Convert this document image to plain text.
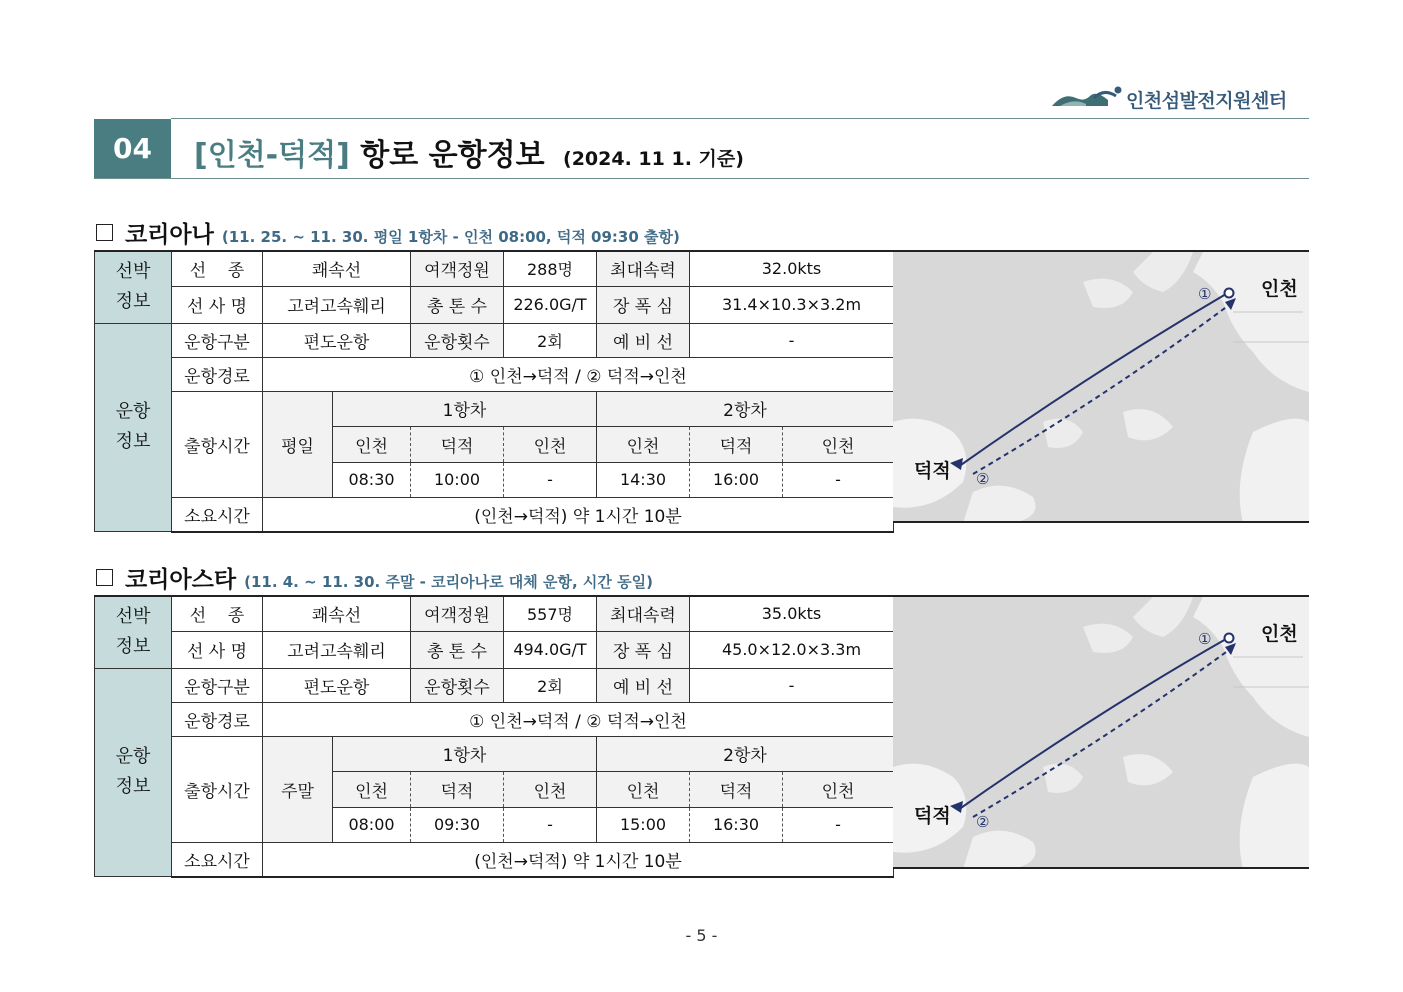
인천섬발전지원센터
04	[인천-덕적] 항로 운항정보 (2024. 11 1. 기준)
코리아나 (11. 25. ~ 11. 30. 평일 1항차 - 인천 08:00, 덕적 09:30 출항)
선박
정보	선    종	쾌속선		여객정원	288명	최대속력	32.0kts	
	선 사 명	고려고속훼리		총 톤 수	226.0G/T	장 폭 심	31.4×10.3×3.2m	
운항
정보	운항구분	편도운항		운항횟수	2회	예 비 선	-	
	운항경로	① 인천→덕적 / ② 덕적→인천						
	출항시간	평일	1항차			2항차		
			인천	덕적	인천	인천	덕적	인천
			08:30	10:00	-	14:30	16:00	-
	소요시간	(인천→덕적) 약 1시간 10분						
인천
덕적
①
②
코리아스타 (11. 4. ~ 11. 30. 주말 - 코리아나로 대체 운항, 시간 동일)
선박
정보	선    종	쾌속선		여객정원	557명	최대속력	35.0kts	
	선 사 명	고려고속훼리		총 톤 수	494.0G/T	장 폭 심	45.0×12.0×3.3m	
운항
정보	운항구분	편도운항		운항횟수	2회	예 비 선	-	
	운항경로	① 인천→덕적 / ② 덕적→인천						
	출항시간	주말	1항차			2항차		
			인천	덕적	인천	인천	덕적	인천
			08:00	09:30	-	15:00	16:30	-
	소요시간	(인천→덕적) 약 1시간 10분						
인천
덕적
①
②
- 5 -
